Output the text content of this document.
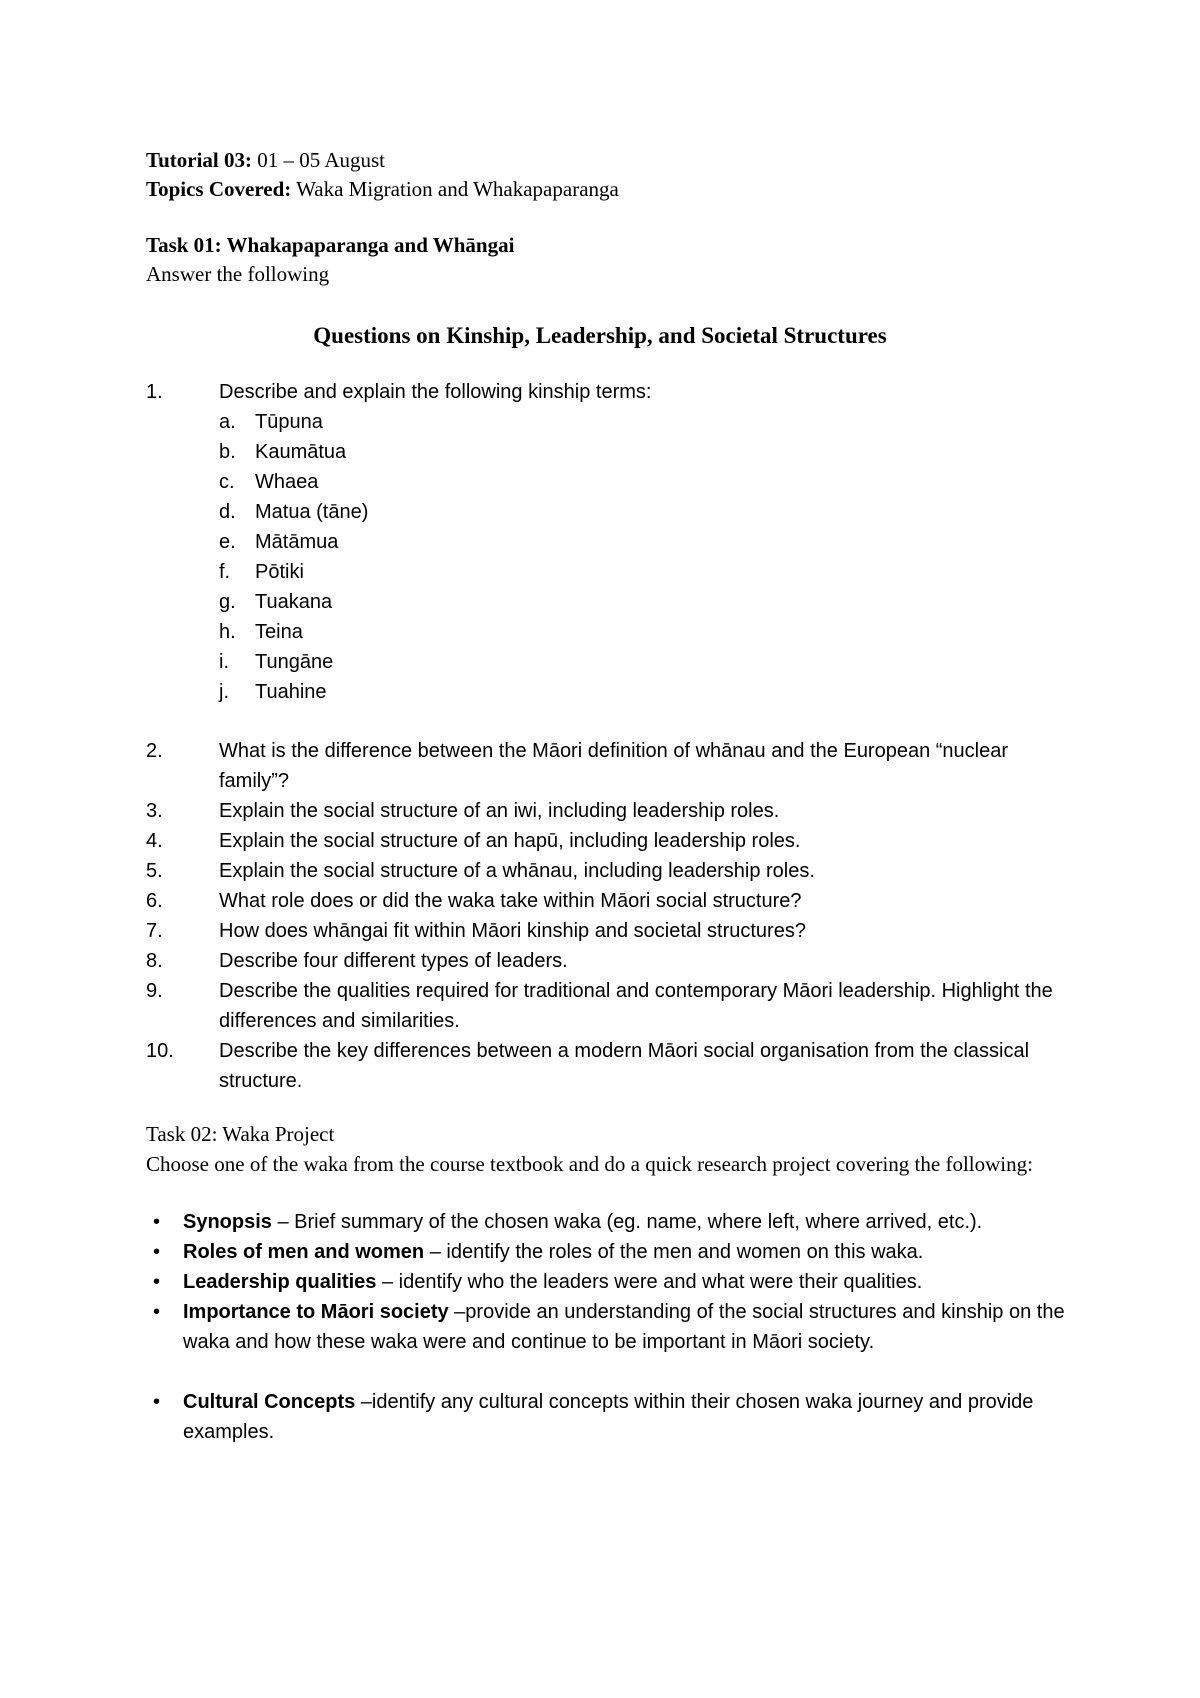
Tutorial 03: 01 – 05 August
Topics Covered: Waka Migration and Whakapaparanga
Task 01: Whakapaparanga and Whāngai
Answer the following
Questions on Kinship, Leadership, and Societal Structures
1.	Describe and explain the following kinship terms:
a. Tūpuna
b. Kaumātua
c. Whaea
d. Matua (tāne)
e. Mātāmua
f. Pōtiki
g. Tuakana
h. Teina
i. Tungāne
j. Tuahine
2.	What is the difference between the Māori definition of whānau and the European “nuclear family”?
3.	Explain the social structure of an iwi, including leadership roles.
4.	Explain the social structure of an hapū, including leadership roles.
5.	Explain the social structure of a whānau, including leadership roles.
6.	What role does or did the waka take within Māori social structure?
7.	How does whāngai fit within Māori kinship and societal structures?
8.	Describe four different types of leaders.
9.	Describe the qualities required for traditional and contemporary Māori leadership. Highlight the differences and similarities.
10. Describe the key differences between a modern Māori social organisation from the classical structure.
Task 02: Waka Project
Choose one of the waka from the course textbook and do a quick research project covering the following:
• Synopsis – Brief summary of the chosen waka (eg. name, where left, where arrived, etc.).
• Roles of men and women – identify the roles of the men and women on this waka.
• Leadership qualities – identify who the leaders were and what were their qualities.
• Importance to Māori society –provide an understanding of the social structures and kinship on the waka and how these waka were and continue to be important in Māori society.
• Cultural Concepts –identify any cultural concepts within their chosen waka journey and provide examples.
